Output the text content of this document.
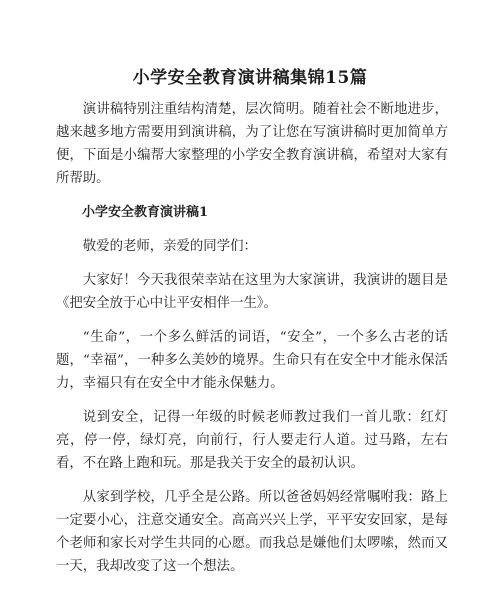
小学安全教育演讲稿集锦15篇

演讲稿特别注重结构清楚，层次简明。随着社会不断地进步，越来越多地方需要用到演讲稿，为了让您在写演讲稿时更加简单方便，下面是小编帮大家整理的小学安全教育演讲稿，希望对大家有所帮助。

小学安全教育演讲稿1

敬爱的老师，亲爱的同学们：

大家好！今天我很荣幸站在这里为大家演讲，我演讲的题目是《把安全放于心中让平安相伴一生》。

“生命”，一个多么鲜活的词语，“安全”，一个多么古老的话题，“幸福”，一种多么美妙的境界。生命只有在安全中才能永保活力，幸福只有在安全中才能永保魅力。

说到安全，记得一年级的时候老师教过我们一首儿歌：红灯亮，停一停，绿灯亮，向前行，行人要走行人道。过马路，左右看，不在路上跑和玩。那是我关于安全的最初认识。

从家到学校，几乎全是公路。所以爸爸妈妈经常嘱咐我：路上一定要小心，注意交通安全。高高兴兴上学，平平安安回家，是每个老师和家长对学生共同的心愿。而我总是嫌他们太啰嗦，然而又一天，我却改变了这一个想法。
